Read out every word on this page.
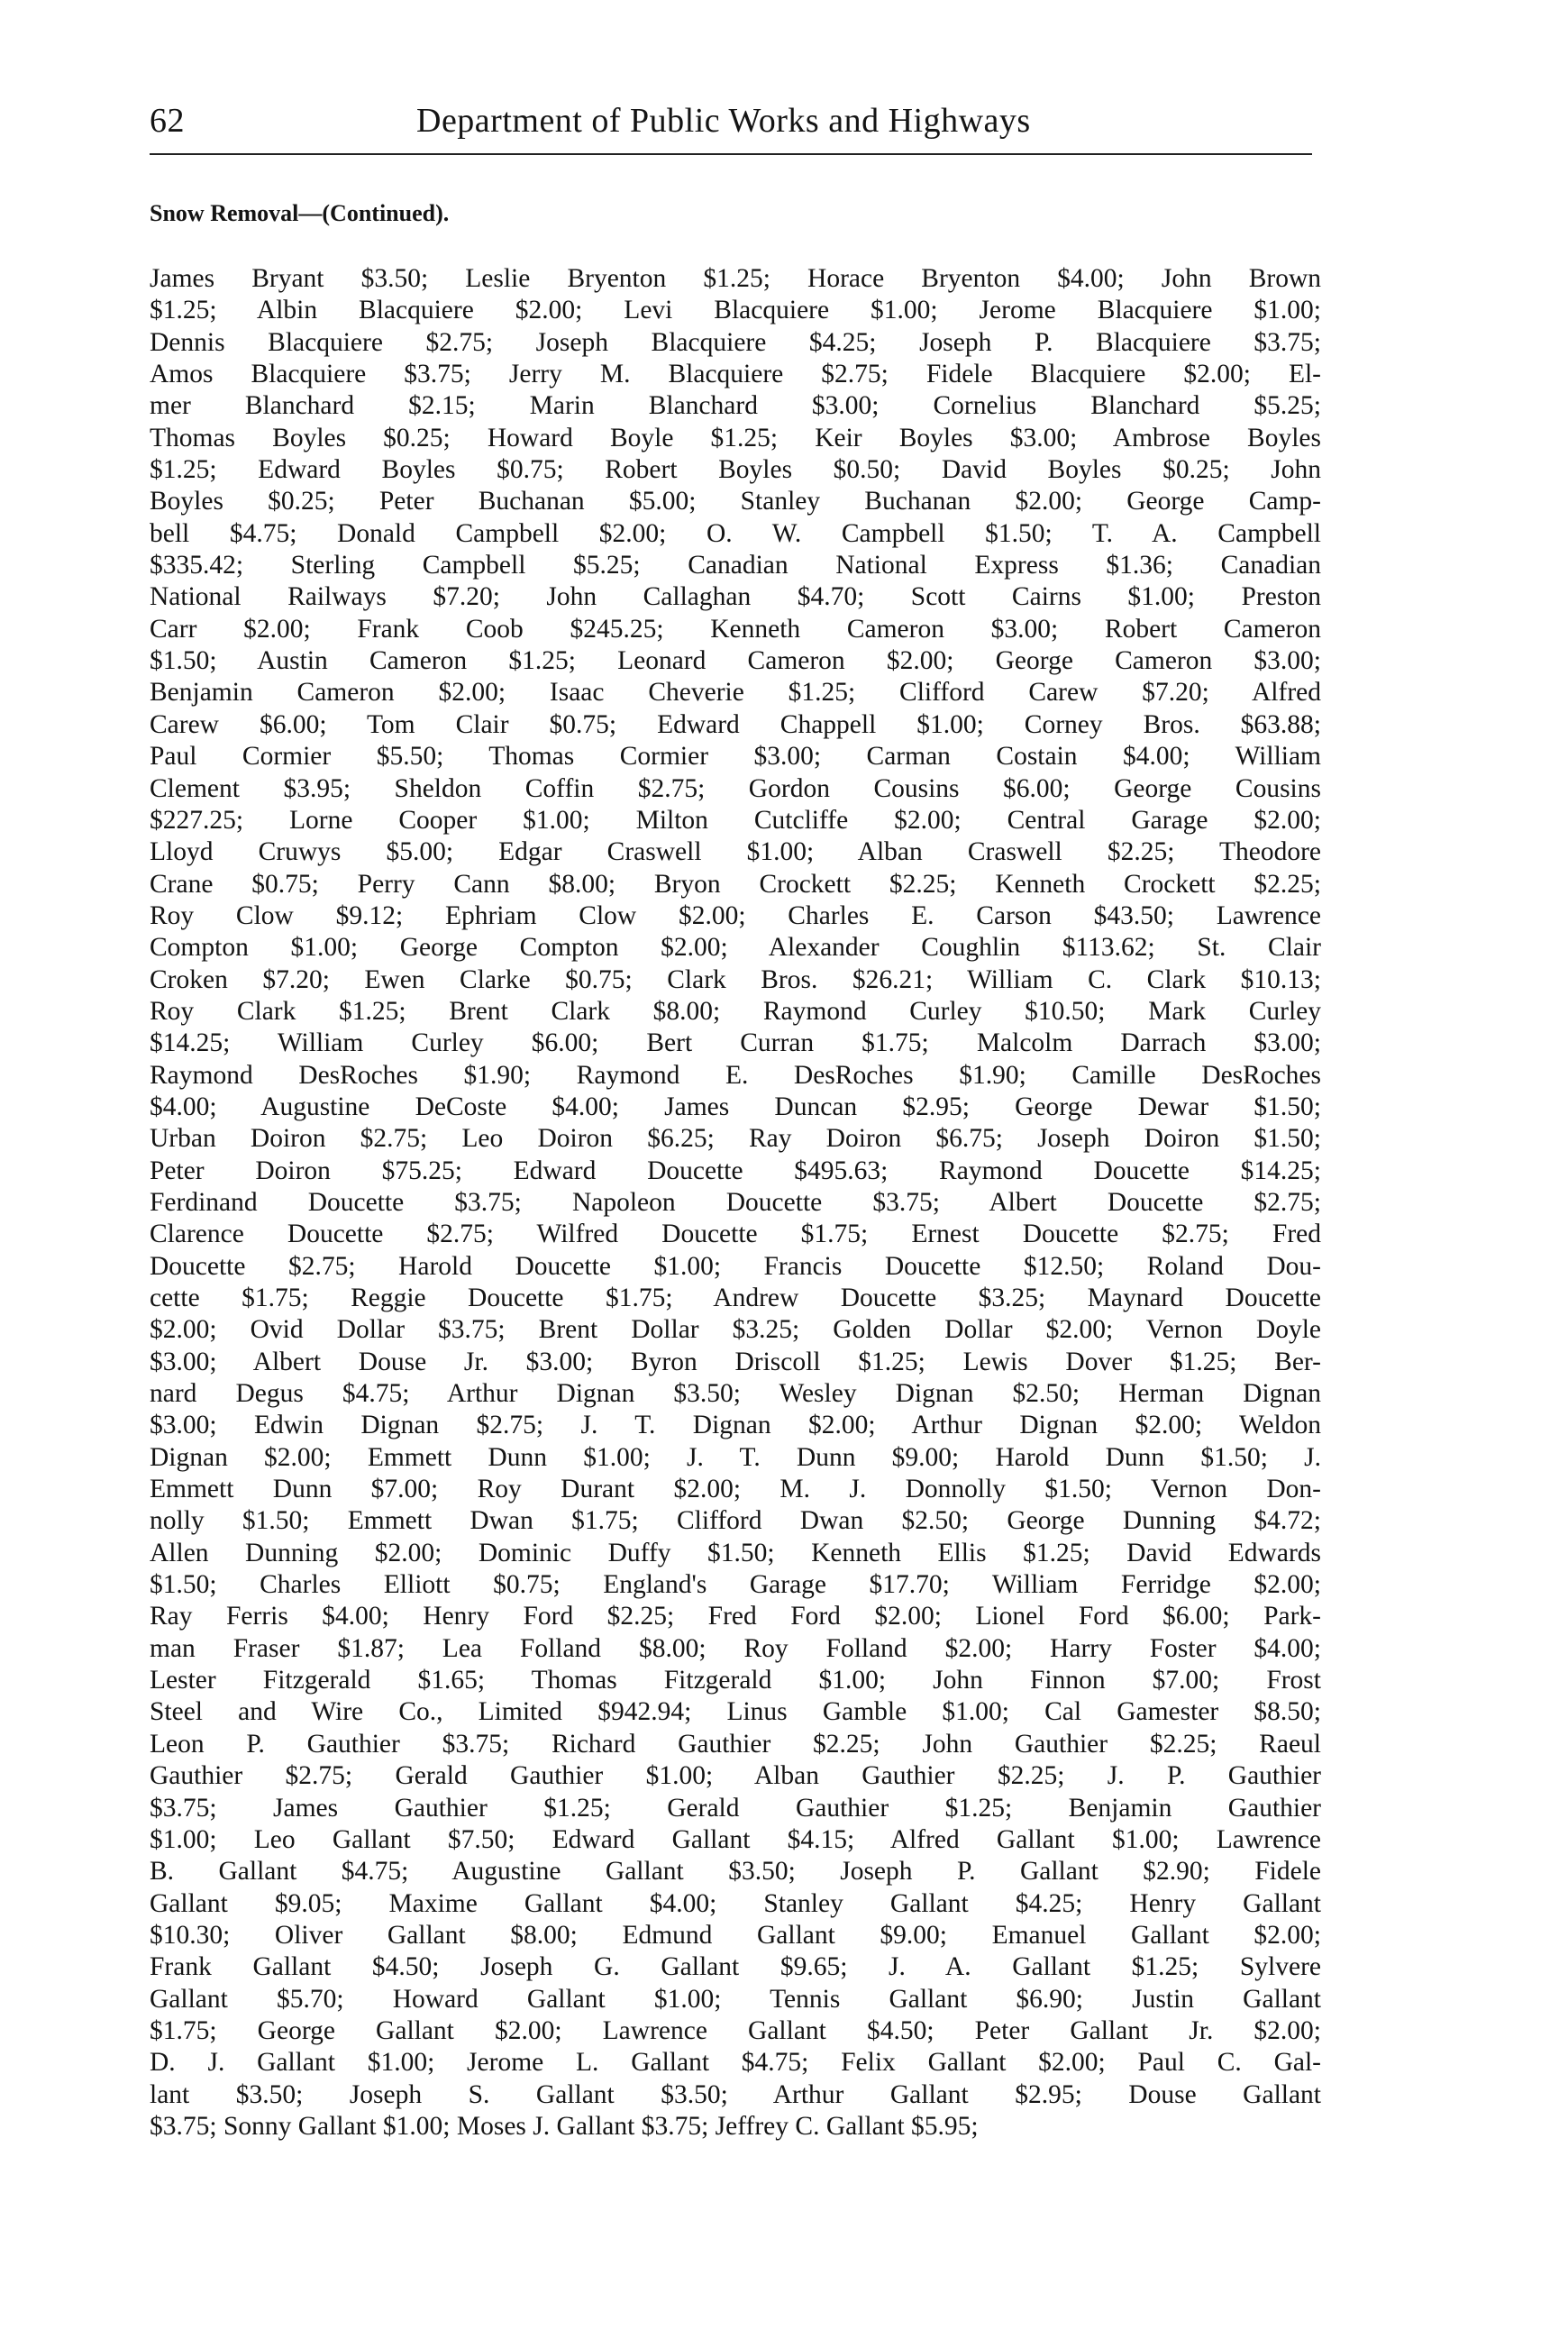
62	Department of Public Works and Highways
Snow Removal—(Continued).
James Bryant $3.50; Leslie Bryenton $1.25; Horace Bryenton $4.00; John Brown
$1.25; Albin Blacquiere $2.00; Levi Blacquiere $1.00; Jerome Blacquiere $1.00;
Dennis Blacquiere $2.75; Joseph Blacquiere $4.25; Joseph P. Blacquiere $3.75;
Amos Blacquiere $3.75; Jerry M. Blacquiere $2.75; Fidele Blacquiere $2.00; El-
mer Blanchard $2.15; Marin Blanchard $3.00; Cornelius Blanchard $5.25;
Thomas Boyles $0.25; Howard Boyle $1.25; Keir Boyles $3.00; Ambrose Boyles
$1.25; Edward Boyles $0.75; Robert Boyles $0.50; David Boyles $0.25; John
Boyles $0.25; Peter Buchanan $5.00; Stanley Buchanan $2.00; George Camp-
bell $4.75; Donald Campbell $2.00; O. W. Campbell $1.50; T. A. Campbell
$335.42; Sterling Campbell $5.25; Canadian National Express $1.36; Canadian
National Railways $7.20; John Callaghan $4.70; Scott Cairns $1.00; Preston
Carr $2.00; Frank Coob $245.25; Kenneth Cameron $3.00; Robert Cameron
$1.50; Austin Cameron $1.25; Leonard Cameron $2.00; George Cameron $3.00;
Benjamin Cameron $2.00; Isaac Cheverie $1.25; Clifford Carew $7.20; Alfred
Carew $6.00; Tom Clair $0.75; Edward Chappell $1.00; Corney Bros. $63.88;
Paul Cormier $5.50; Thomas Cormier $3.00; Carman Costain $4.00; William
Clement $3.95; Sheldon Coffin $2.75; Gordon Cousins $6.00; George Cousins
$227.25; Lorne Cooper $1.00; Milton Cutcliffe $2.00; Central Garage $2.00;
Lloyd Cruwys $5.00; Edgar Craswell $1.00; Alban Craswell $2.25; Theodore
Crane $0.75; Perry Cann $8.00; Bryon Crockett $2.25; Kenneth Crockett $2.25;
Roy Clow $9.12; Ephriam Clow $2.00; Charles E. Carson $43.50; Lawrence
Compton $1.00; George Compton $2.00; Alexander Coughlin $113.62; St. Clair
Croken $7.20; Ewen Clarke $0.75; Clark Bros. $26.21; William C. Clark $10.13;
Roy Clark $1.25; Brent Clark $8.00; Raymond Curley $10.50; Mark Curley
$14.25; William Curley $6.00; Bert Curran $1.75; Malcolm Darrach $3.00;
Raymond DesRoches $1.90; Raymond E. DesRoches $1.90; Camille DesRoches
$4.00; Augustine DeCoste $4.00; James Duncan $2.95; George Dewar $1.50;
Urban Doiron $2.75; Leo Doiron $6.25; Ray Doiron $6.75; Joseph Doiron $1.50;
Peter Doiron $75.25; Edward Doucette $495.63; Raymond Doucette $14.25;
Ferdinand Doucette $3.75; Napoleon Doucette $3.75; Albert Doucette $2.75;
Clarence Doucette $2.75; Wilfred Doucette $1.75; Ernest Doucette $2.75; Fred
Doucette $2.75; Harold Doucette $1.00; Francis Doucette $12.50; Roland Dou-
cette $1.75; Reggie Doucette $1.75; Andrew Doucette $3.25; Maynard Doucette
$2.00; Ovid Dollar $3.75; Brent Dollar $3.25; Golden Dollar $2.00; Vernon Doyle
$3.00; Albert Douse Jr. $3.00; Byron Driscoll $1.25; Lewis Dover $1.25; Ber-
nard Degus $4.75; Arthur Dignan $3.50; Wesley Dignan $2.50; Herman Dignan
$3.00; Edwin Dignan $2.75; J. T. Dignan $2.00; Arthur Dignan $2.00; Weldon
Dignan $2.00; Emmett Dunn $1.00; J. T. Dunn $9.00; Harold Dunn $1.50; J.
Emmett Dunn $7.00; Roy Durant $2.00; M. J. Donnolly $1.50; Vernon Don-
nolly $1.50; Emmett Dwan $1.75; Clifford Dwan $2.50; George Dunning $4.72;
Allen Dunning $2.00; Dominic Duffy $1.50; Kenneth Ellis $1.25; David Edwards
$1.50; Charles Elliott $0.75; England's Garage $17.70; William Ferridge $2.00;
Ray Ferris $4.00; Henry Ford $2.25; Fred Ford $2.00; Lionel Ford $6.00; Park-
man Fraser $1.87; Lea Folland $8.00; Roy Folland $2.00; Harry Foster $4.00;
Lester Fitzgerald $1.65; Thomas Fitzgerald $1.00; John Finnon $7.00; Frost
Steel and Wire Co., Limited $942.94; Linus Gamble $1.00; Cal Gamester $8.50;
Leon P. Gauthier $3.75; Richard Gauthier $2.25; John Gauthier $2.25; Raeul
Gauthier $2.75; Gerald Gauthier $1.00; Alban Gauthier $2.25; J. P. Gauthier
$3.75; James Gauthier $1.25; Gerald Gauthier $1.25; Benjamin Gauthier
$1.00; Leo Gallant $7.50; Edward Gallant $4.15; Alfred Gallant $1.00; Lawrence
B. Gallant $4.75; Augustine Gallant $3.50; Joseph P. Gallant $2.90; Fidele
Gallant $9.05; Maxime Gallant $4.00; Stanley Gallant $4.25; Henry Gallant
$10.30; Oliver Gallant $8.00; Edmund Gallant $9.00; Emanuel Gallant $2.00;
Frank Gallant $4.50; Joseph G. Gallant $9.65; J. A. Gallant $1.25; Sylvere
Gallant $5.70; Howard Gallant $1.00; Tennis Gallant $6.90; Justin Gallant
$1.75; George Gallant $2.00; Lawrence Gallant $4.50; Peter Gallant Jr. $2.00;
D. J. Gallant $1.00; Jerome L. Gallant $4.75; Felix Gallant $2.00; Paul C. Gal-
lant $3.50; Joseph S. Gallant $3.50; Arthur Gallant $2.95; Douse Gallant
$3.75; Sonny Gallant $1.00; Moses J. Gallant $3.75; Jeffrey C. Gallant $5.95;
